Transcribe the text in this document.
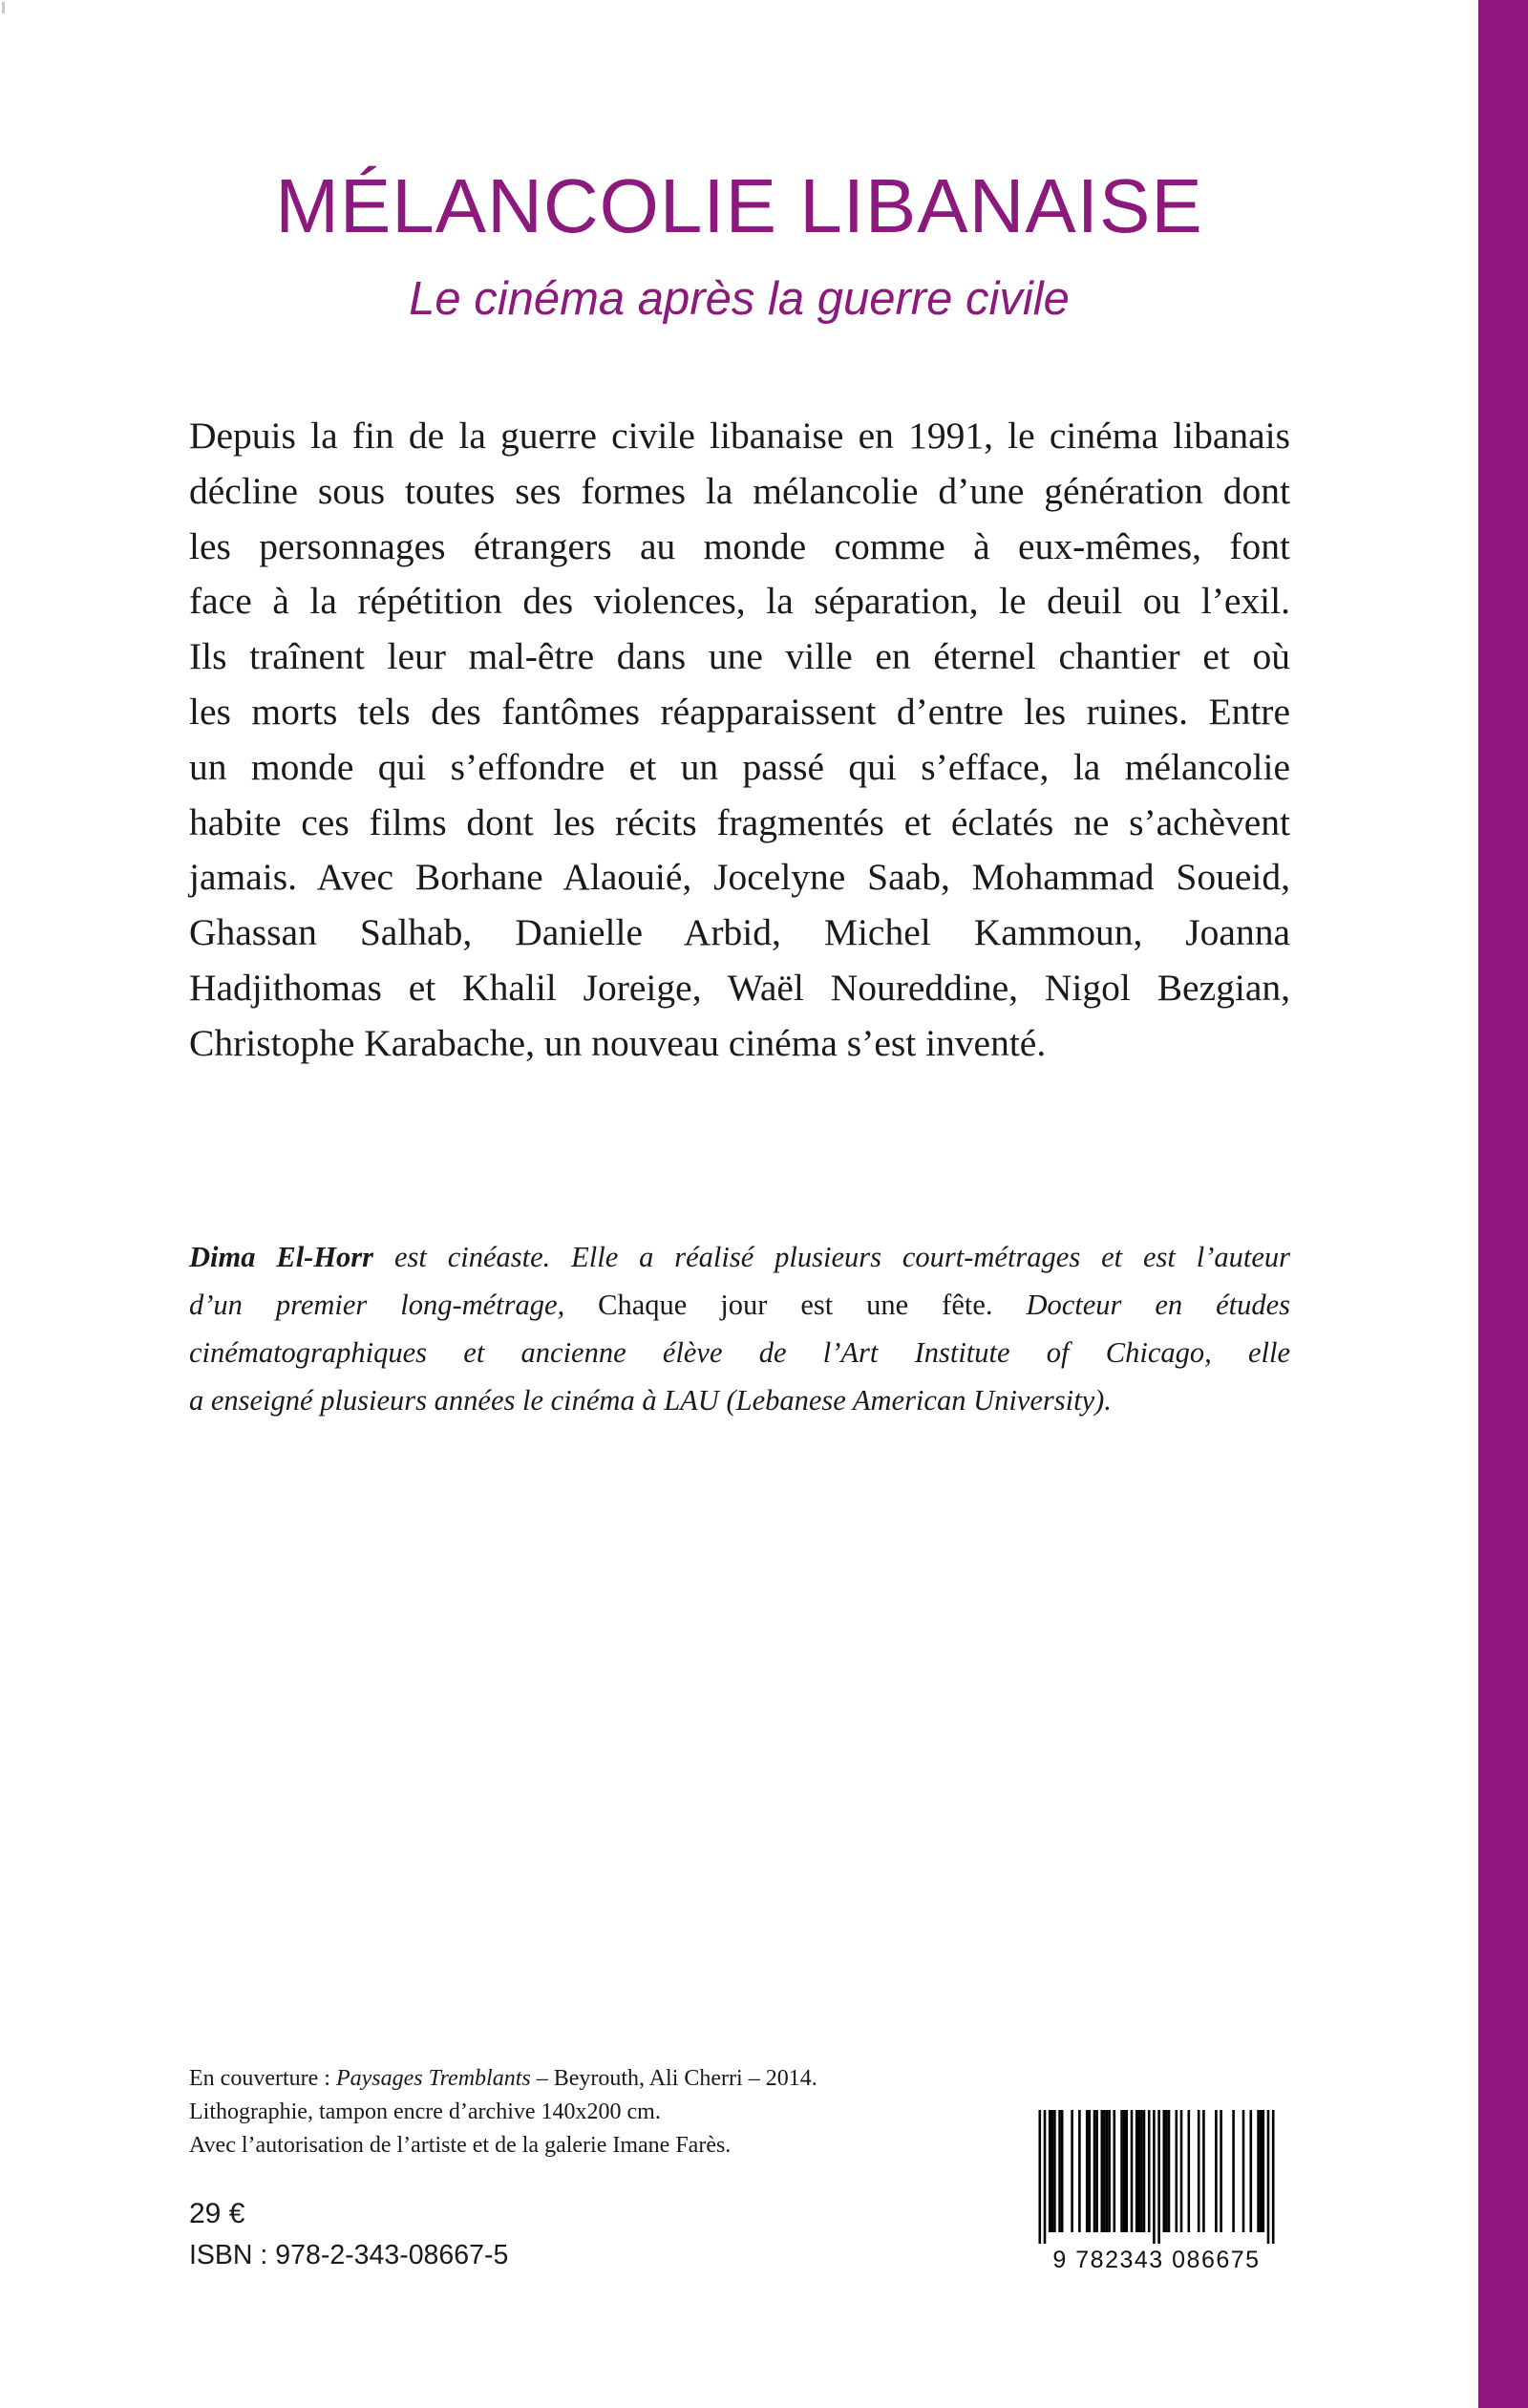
MÉLANCOLIE LIBANAISE
Le cinéma après la guerre civile
Depuis la fin de la guerre civile libanaise en 1991, le cinéma libanais
décline sous toutes ses formes la mélancolie d’une génération dont
les personnages étrangers au monde comme à eux-mêmes, font
face à la répétition des violences, la séparation, le deuil ou l’exil.
Ils traînent leur mal-être dans une ville en éternel chantier et où
les morts tels des fantômes réapparaissent d’entre les ruines. Entre
un monde qui s’effondre et un passé qui s’efface, la mélancolie
habite ces films dont les récits fragmentés et éclatés ne s’achèvent
jamais. Avec Borhane Alaouié, Jocelyne Saab, Mohammad Soueid,
Ghassan Salhab, Danielle Arbid, Michel Kammoun, Joanna
Hadjithomas et Khalil Joreige, Waël Noureddine, Nigol Bezgian,
Christophe Karabache, un nouveau cinéma s’est inventé.
Dima El-Horr est cinéaste. Elle a réalisé plusieurs court-métrages et est l’auteur
d’un premier long-métrage, Chaque jour est une fête. Docteur en études
cinématographiques et ancienne élève de l’Art Institute of Chicago, elle
a enseigné plusieurs années le cinéma à LAU (Lebanese American University).
En couverture : Paysages Tremblants – Beyrouth, Ali Cherri – 2014.
Lithographie, tampon encre d’archive 140x200 cm.
Avec l’autorisation de l’artiste et de la galerie Imane Farès.
29 €
ISBN : 978-2-343-08667-5	9 782343 086675
